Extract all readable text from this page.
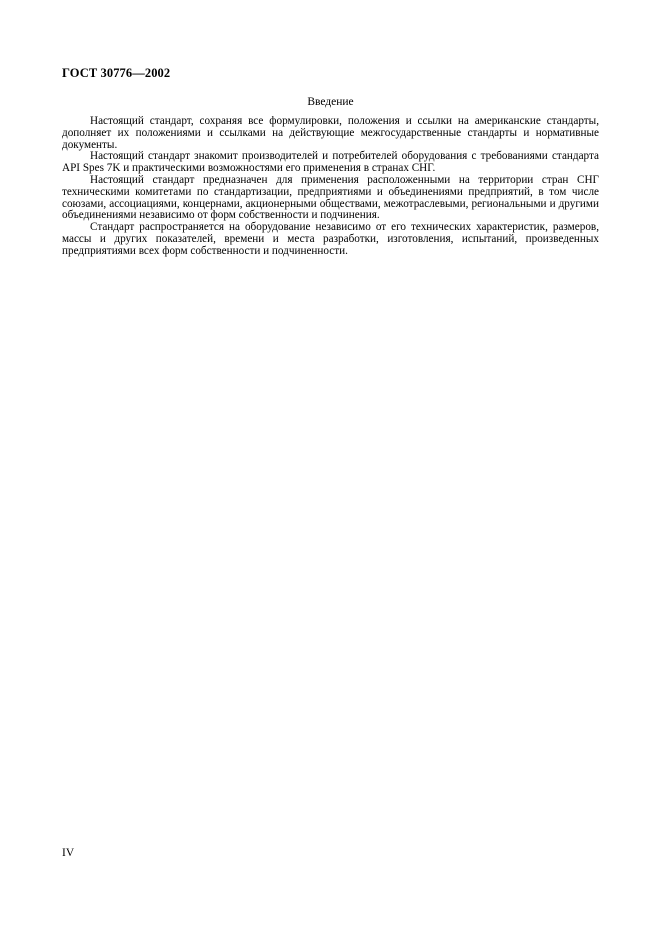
ГОСТ 30776—2002
Введение

Настоящий стандарт, сохраняя все формулировки, положения и ссылки на американские стандарты, дополняет их положениями и ссылками на действующие межгосударственные стандарты и нормативные документы.

Настоящий стандарт знакомит производителей и потребителей оборудования с требованиями стандарта API Spes 7K и практическими возможностями его применения в странах СНГ.

Настоящий стандарт предназначен для применения расположенными на территории стран СНГ техническими комитетами по стандартизации, предприятиями и объединениями предприятий, в том числе союзами, ассоциациями, концернами, акционерными обществами, межотраслевыми, региональными и другими объединениями независимо от форм собственности и подчинения.

Стандарт распространяется на оборудование независимо от его технических характеристик, размеров, массы и других показателей, времени и места разработки, изготовления, испытаний, произведенных предприятиями всех форм собственности и подчиненности.

IV
